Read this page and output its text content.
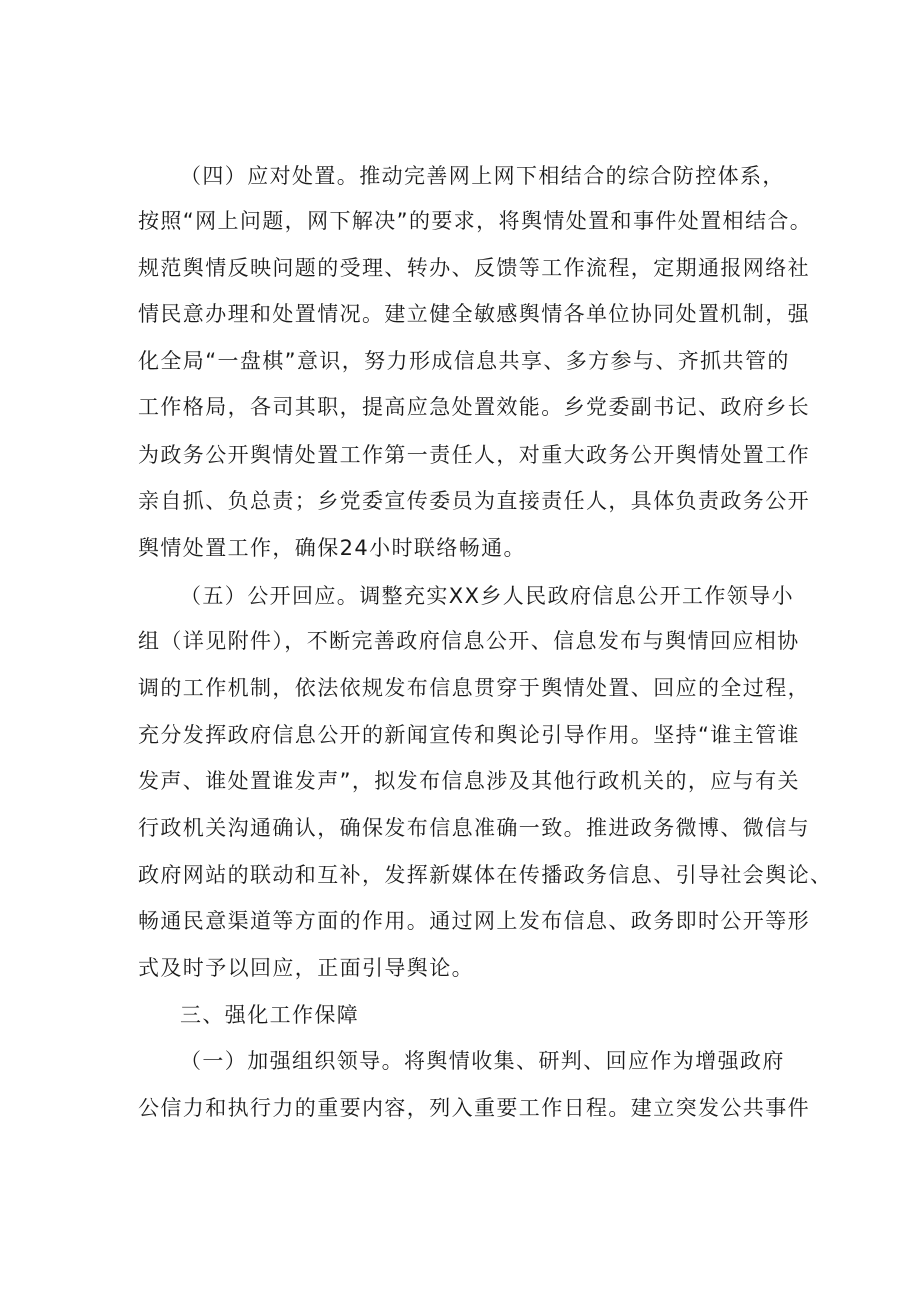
（四）应对处置。推动完善网上网下相结合的综合防控体系，
按照“网上问题，网下解决”的要求，将舆情处置和事件处置相结合。
规范舆情反映问题的受理、转办、反馈等工作流程，定期通报网络社
情民意办理和处置情况。建立健全敏感舆情各单位协同处置机制，强
化全局“一盘棋”意识，努力形成信息共享、多方参与、齐抓共管的
工作格局，各司其职，提高应急处置效能。乡党委副书记、政府乡长
为政务公开舆情处置工作第一责任人，对重大政务公开舆情处置工作
亲自抓、负总责；乡党委宣传委员为直接责任人，具体负责政务公开
舆情处置工作，确保24小时联络畅通。
（五）公开回应。调整充实XX乡人民政府信息公开工作领导小
组（详见附件），不断完善政府信息公开、信息发布与舆情回应相协
调的工作机制，依法依规发布信息贯穿于舆情处置、回应的全过程，
充分发挥政府信息公开的新闻宣传和舆论引导作用。坚持“谁主管谁
发声、谁处置谁发声”，拟发布信息涉及其他行政机关的，应与有关
行政机关沟通确认，确保发布信息准确一致。推进政务微博、微信与
政府网站的联动和互补，发挥新媒体在传播政务信息、引导社会舆论、
畅通民意渠道等方面的作用。通过网上发布信息、政务即时公开等形
式及时予以回应，正面引导舆论。
三、强化工作保障
（一）加强组织领导。将舆情收集、研判、回应作为增强政府
公信力和执行力的重要内容，列入重要工作日程。建立突发公共事件
